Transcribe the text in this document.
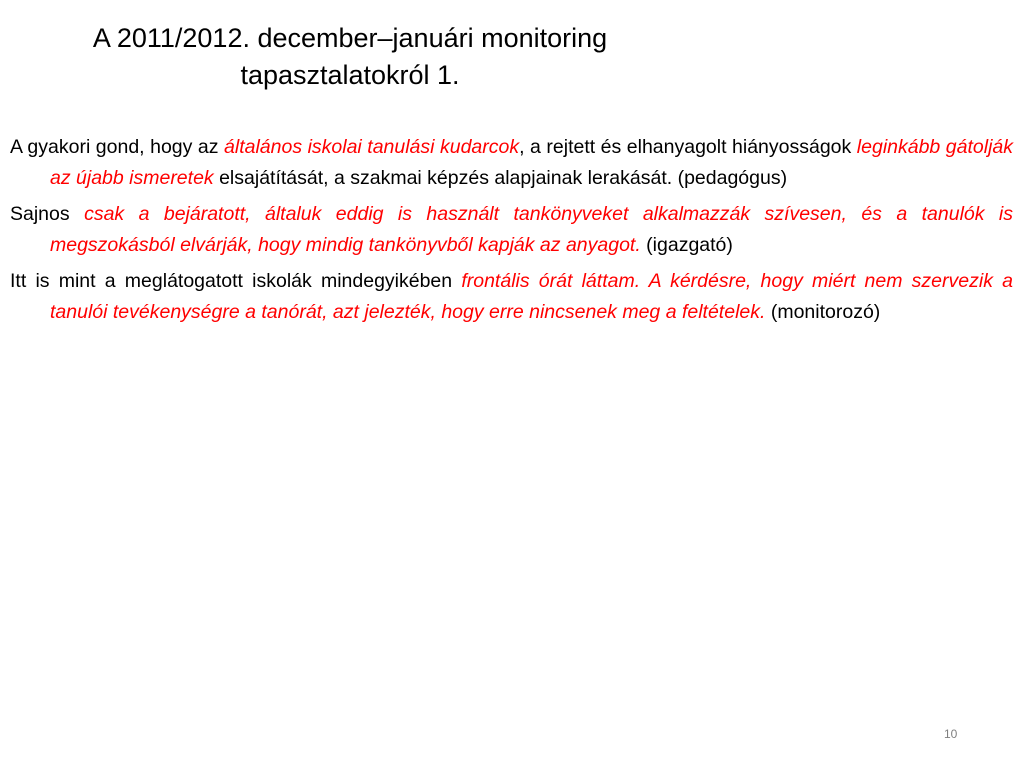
A 2011/2012. december–januári monitoring
tapasztalatokról 1.

A gyakori gond, hogy az általános iskolai tanulási kudarcok, a rejtett és elhanyagolt hiányosságok leginkább gátolják az újabb ismeretek elsajátítását, a szakmai képzés alapjainak lerakását. (pedagógus)

Sajnos csak a bejáratott, általuk eddig is használt tankönyveket alkalmazzák szívesen, és a tanulók is megszokásból elvárják, hogy mindig tankönyvből kapják az anyagot. (igazgató)

Itt is mint a meglátogatott iskolák mindegyikében frontális órát láttam. A kérdésre, hogy miért nem szervezik a tanulói tevékenységre a tanórát, azt jelezték, hogy erre nincsenek meg a feltételek. (monitorozó)

10
